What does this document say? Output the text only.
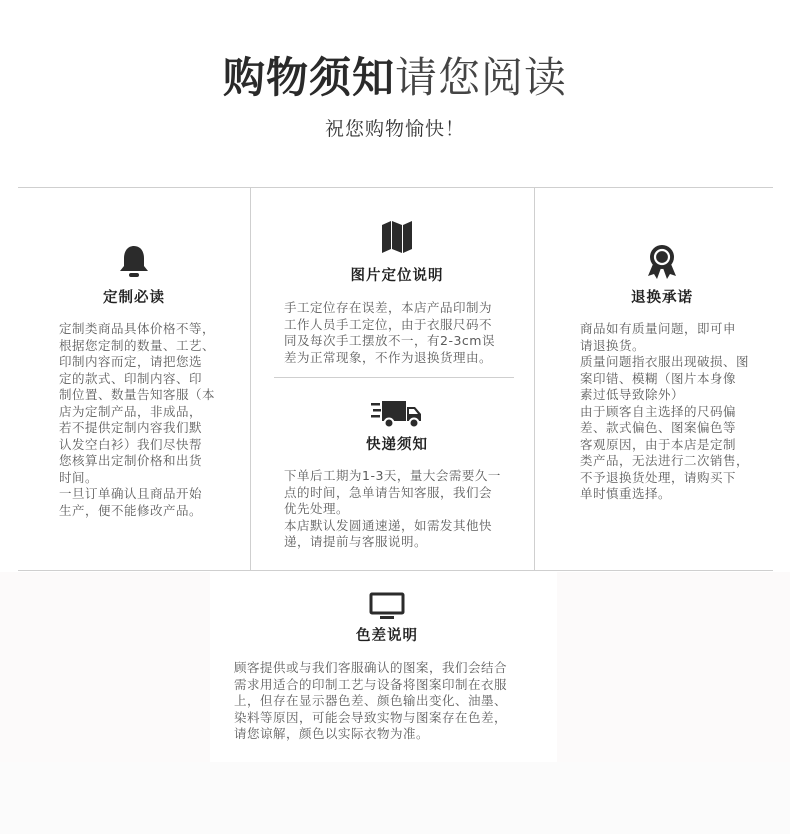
购物须知请您阅读
祝您购物愉快！
定制必读

定制类商品具体价格不等，
根据您定制的数量、工艺、
印制内容而定，请把您选
定的款式、印制内容、印
制位置、数量告知客服（本
店为定制产品，非成品，
若不提供定制内容我们默
认发空白衫）我们尽快帮
您核算出定制价格和出货
时间。
一旦订单确认且商品开始
生产，便不能修改产品。

图片定位说明

手工定位存在误差，本店产品印制为
工作人员手工定位，由于衣服尺码不
同及每次手工摆放不一，有2-3cm误
差为正常现象，不作为退换货理由。

快递须知

下单后工期为1-3天，量大会需要久一
点的时间，急单请告知客服，我们会
优先处理。
本店默认发圆通速递，如需发其他快
递，请提前与客服说明。

退换承诺

商品如有质量问题，即可申
请退换货。
质量问题指衣服出现破损、图
案印错、模糊（图片本身像
素过低导致除外）
由于顾客自主选择的尺码偏
差、款式偏色、图案偏色等
客观原因，由于本店是定制
类产品，无法进行二次销售，
不予退换货处理，请购买下
单时慎重选择。

色差说明

顾客提供或与我们客服确认的图案，我们会结合
需求用适合的印制工艺与设备将图案印制在衣服
上，但存在显示器色差、颜色输出变化、油墨、
染料等原因，可能会导致实物与图案存在色差，
请您谅解，颜色以实际衣物为准。
